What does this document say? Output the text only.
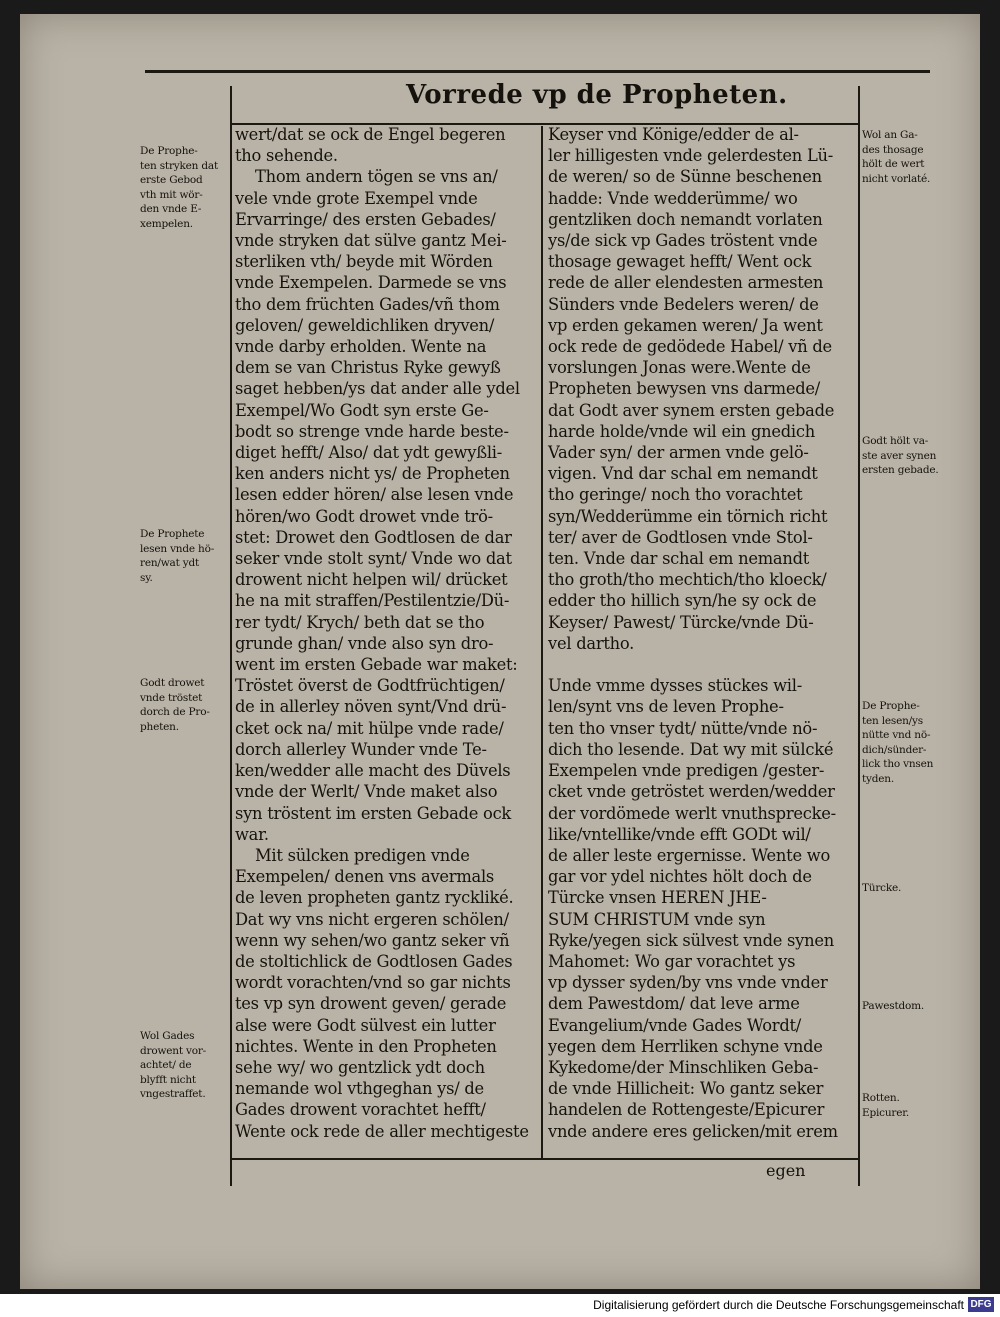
Vorrede vp de Propheten.
wert/dat se ock de Engel begeren
tho sehende.
Thom andern tögen se vns an/
vele vnde grote Exempel vnde
Ervarringe/ des ersten Gebades/
vnde stryken dat sülve gantz Mei-
sterliken vth/ beyde mit Wörden
vnde Exempelen. Darmede se vns
tho dem früchten Gades/vñ thom
geloven/ geweldichliken dryven/
vnde darby erholden. Wente na
dem se van Christus Ryke gewyß
saget hebben/ys dat ander alle ydel
Exempel/Wo Godt syn erste Ge-
bodt so strenge vnde harde beste-
diget hefft/ Also/ dat ydt gewyßli-
ken anders nicht ys/ de Propheten
lesen edder hören/ alse lesen vnde
hören/wo Godt drowet vnde trö-
stet: Drowet den Godtlosen de dar
seker vnde stolt synt/ Vnde wo dat
drowent nicht helpen wil/ drücket
he na mit straffen/Pestilentzie/Dü-
rer tydt/ Krych/ beth dat se tho
grunde ghan/ vnde also syn dro-
went im ersten Gebade war maket:
Tröstet överst de Godtfrüchtigen/
de in allerley növen synt/Vnd drü-
cket ock na/ mit hülpe vnde rade/
dorch allerley Wunder vnde Te-
ken/wedder alle macht des Düvels
vnde der Werlt/ Vnde maket also
syn tröstent im ersten Gebade ock
war.
Mit sülcken predigen vnde
Exempelen/ denen vns avermals
de leven propheten gantz ryckliké.
Dat wy vns nicht ergeren schölen/
wenn wy sehen/wo gantz seker vñ
de stoltichlick de Godtlosen Gades
wordt vorachten/vnd so gar nichts
tes vp syn drowent geven/ gerade
alse were Godt sülvest ein lutter
nichtes. Wente in den Propheten
sehe wy/ wo gentzlick ydt doch
nemande wol vthgeghan ys/ de
Gades drowent vorachtet hefft/
Wente ock rede de aller mechtigeste
Keyser vnd Könige/edder de al-
ler hilligesten vnde gelerdesten Lü-
de weren/ so de Sünne beschenen
hadde: Vnde wedderümme/ wo
gentzliken doch nemandt vorlaten
ys/de sick vp Gades tröstent vnde
thosage gewaget hefft/ Went ock
rede de aller elendesten armesten
Sünders vnde Bedelers weren/ de
vp erden gekamen weren/ Ja went
ock rede de gedödede Habel/ vñ de
vorslungen Jonas were.Wente de
Propheten bewysen vns darmede/
dat Godt aver synem ersten gebade
harde holde/vnde wil ein gnedich
Vader syn/ der armen vnde gelö-
vigen. Vnd dar schal em nemandt
tho geringe/ noch tho vorachtet
syn/Wedderümme ein törnich richt
ter/ aver de Godtlosen vnde Stol-
ten. Vnde dar schal em nemandt
tho groth/tho mechtich/tho kloeck/
edder tho hillich syn/he sy ock de
Keyser/ Pawest/ Türcke/vnde Dü-
vel dartho.

Unde vmme dysses stückes wil-
len/synt vns de leven Prophe-
ten tho vnser tydt/ nütte/vnde nö-
dich tho lesende. Dat wy mit sülcké
Exempelen vnde predigen /gester-
cket vnde getröstet werden/wedder
der vordömede werlt vnuthsprecke-
like/vntellike/vnde efft GODt wil/
de aller leste ergernisse. Wente wo
gar vor ydel nichtes hölt doch de
Türcke vnsen HEREN JHE-
SUM CHRISTUM vnde syn
Ryke/yegen sick sülvest vnde synen
Mahomet: Wo gar vorachtet ys
vp dysser syden/by vns vnde vnder
dem Pawestdom/ dat leve arme
Evangelium/vnde Gades Wordt/
yegen dem Herrliken schyne vnde
Kykedome/der Minschliken Geba-
de vnde Hillicheit: Wo gantz seker
handelen de Rottengeste/Epicurer
vnde andere eres gelicken/mit erem
De Prophe-
ten stryken dat
erste Gebod
vth mit wör-
den vnde E-
xempelen.
De Prophete
lesen vnde hö-
ren/wat ydt
sy.
Godt drowet
vnde tröstet
dorch de Pro-
pheten.
Wol Gades
drowent vor-
achtet/ de
blyfft nicht
vngestraffet.
Wol an Ga-
des thosage
hölt de wert
nicht vorlaté.
Godt hölt va-
ste aver synen
ersten gebade.
De Prophe-
ten lesen/ys
nütte vnd nö-
dich/sünder-
lick tho vnsen
tyden.
Türcke.
Pawestdom.
Rotten.
Epicurer.
egen
Digitalisierung gefördert durch die Deutsche Forschungsgemeinschaft DFG
